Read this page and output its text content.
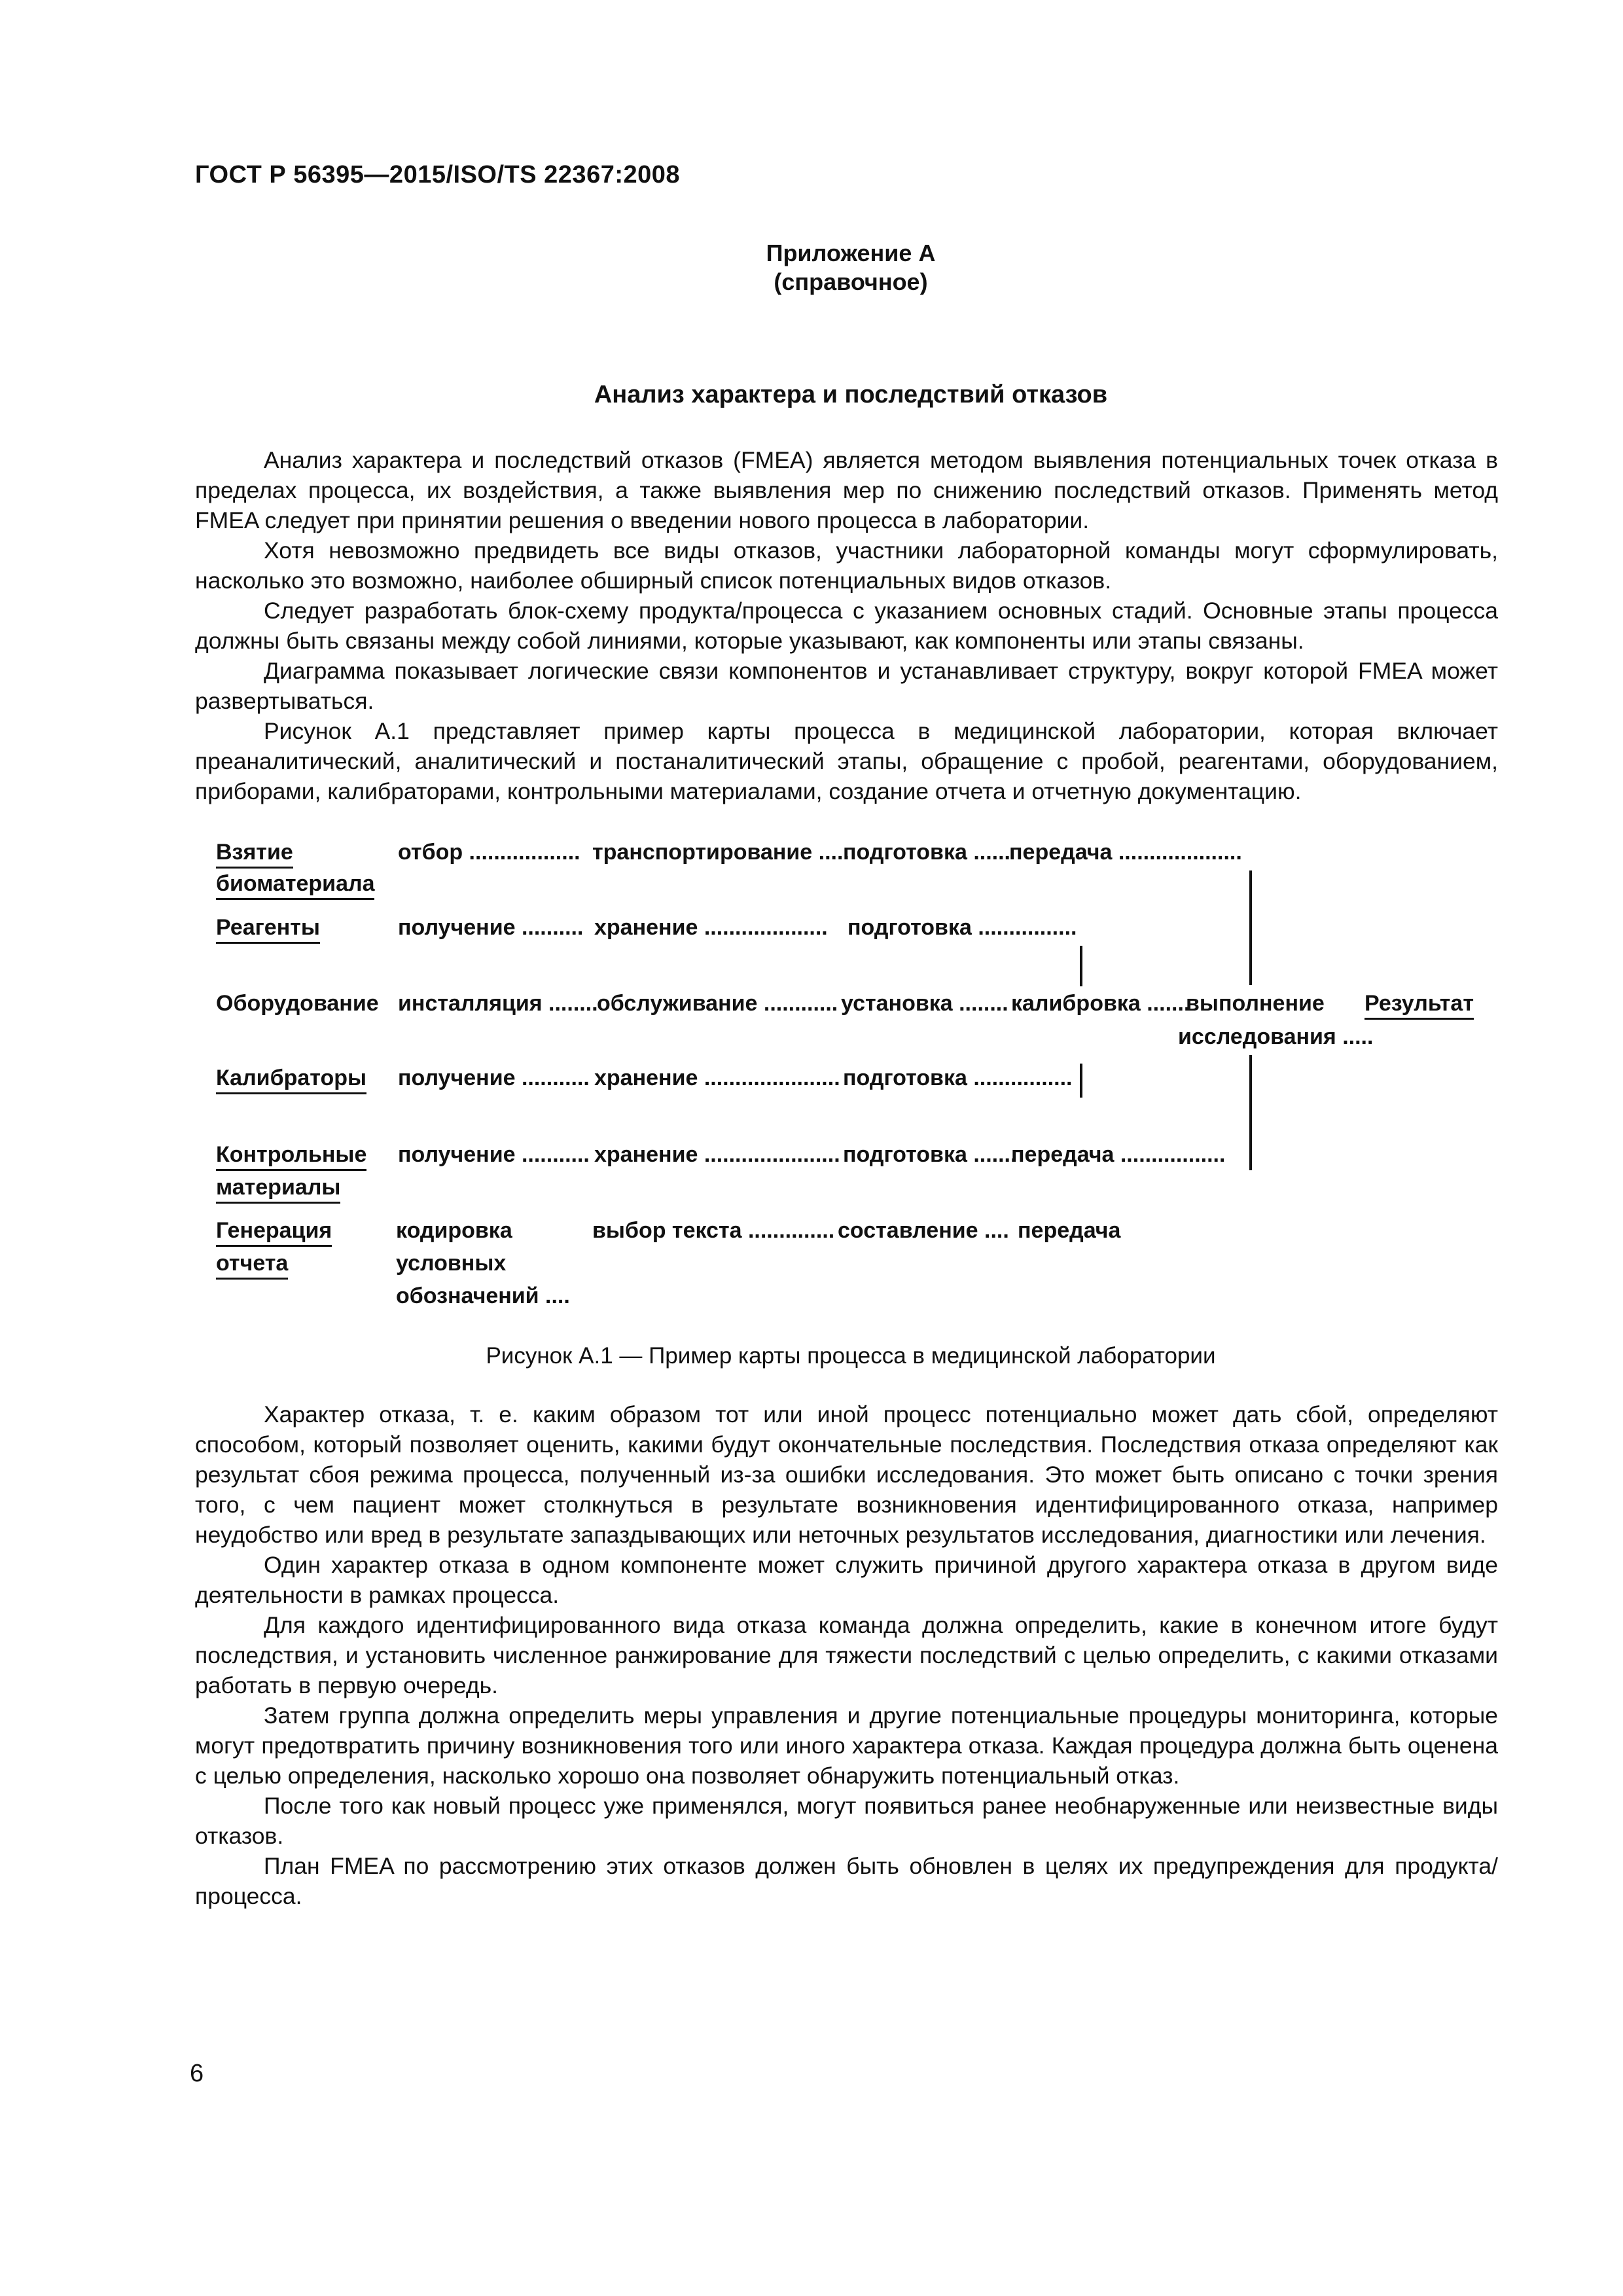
ГОСТ Р 56395—2015/ISO/TS 22367:2008
Приложение А
(справочное)
Анализ характера и последствий отказов

Анализ характера и последствий отказов (FMEA) является методом выявления потенциальных точек отказа в пределах процесса, их воздействия, а также выявления мер по снижению последствий отказов. Применять метод FMEA следует при принятии решения о введении нового процесса в лаборатории.

Хотя невозможно предвидеть все виды отказов, участники лабораторной команды могут сформулировать, насколько это возможно, наиболее обширный список потенциальных видов отказов.

Следует разработать блок-схему продукта/процесса с указанием основных стадий. Основные этапы процесса должны быть связаны между собой линиями, которые указывают, как компоненты или этапы связаны.

Диаграмма показывает логические связи компонентов и устанавливает структуру, вокруг которой FMEA может развертываться.

Рисунок А.1 представляет пример карты процесса в медицинской лаборатории, которая включает преаналитический, аналитический и постаналитический этапы, обращение с пробой, реагентами, оборудованием, приборами, калибраторами, контрольными материалами, создание отчета и отчетную документацию.

Взятие
биоматериала
отбор .................. транспортирование .....
подготовка ......
передача ....................
Реагенты	получение .......... хранение .................... подготовка ................
Оборудование инсталляция ........
обслуживание ............ установка ........ калибровка .......
выполнение
исследования .....
Результат
Калибраторы получение ........... хранение ...................... подготовка ................
Контрольные
материалы
получение ........... хранение ...................... подготовка .......
передача .................
Генерация
отчета
кодировка
условных
обозначений ....
выбор текста .............. составление .... передача
Рисунок А.1 — Пример карты процесса в медицинской лаборатории

Характер отказа, т. е. каким образом тот или иной процесс потенциально может дать сбой, определяют способом, который позволяет оценить, какими будут окончательные последствия. Последствия отказа определяют как результат сбоя режима процесса, полученный из-за ошибки исследования. Это может быть описано с точки зрения того, с чем пациент может столкнуться в результате возникновения идентифицированного отказа, например неудобство или вред в результате запаздывающих или неточных результатов исследования, диагностики или лечения.

Один характер отказа в одном компоненте может служить причиной другого характера отказа в другом виде деятельности в рамках процесса.

Для каждого идентифицированного вида отказа команда должна определить, какие в конечном итоге будут последствия, и установить численное ранжирование для тяжести последствий с целью определить, с какими отказами работать в первую очередь.

Затем группа должна определить меры управления и другие потенциальные процедуры мониторинга, которые могут предотвратить причину возникновения того или иного характера отказа. Каждая процедура должна быть оценена с целью определения, насколько хорошо она позволяет обнаружить потенциальный отказ.

После того как новый процесс уже применялся, могут появиться ранее необнаруженные или неизвестные виды отказов.

План FMEA по рассмотрению этих отказов должен быть обновлен в целях их предупреждения для продукта/процесса.

6
